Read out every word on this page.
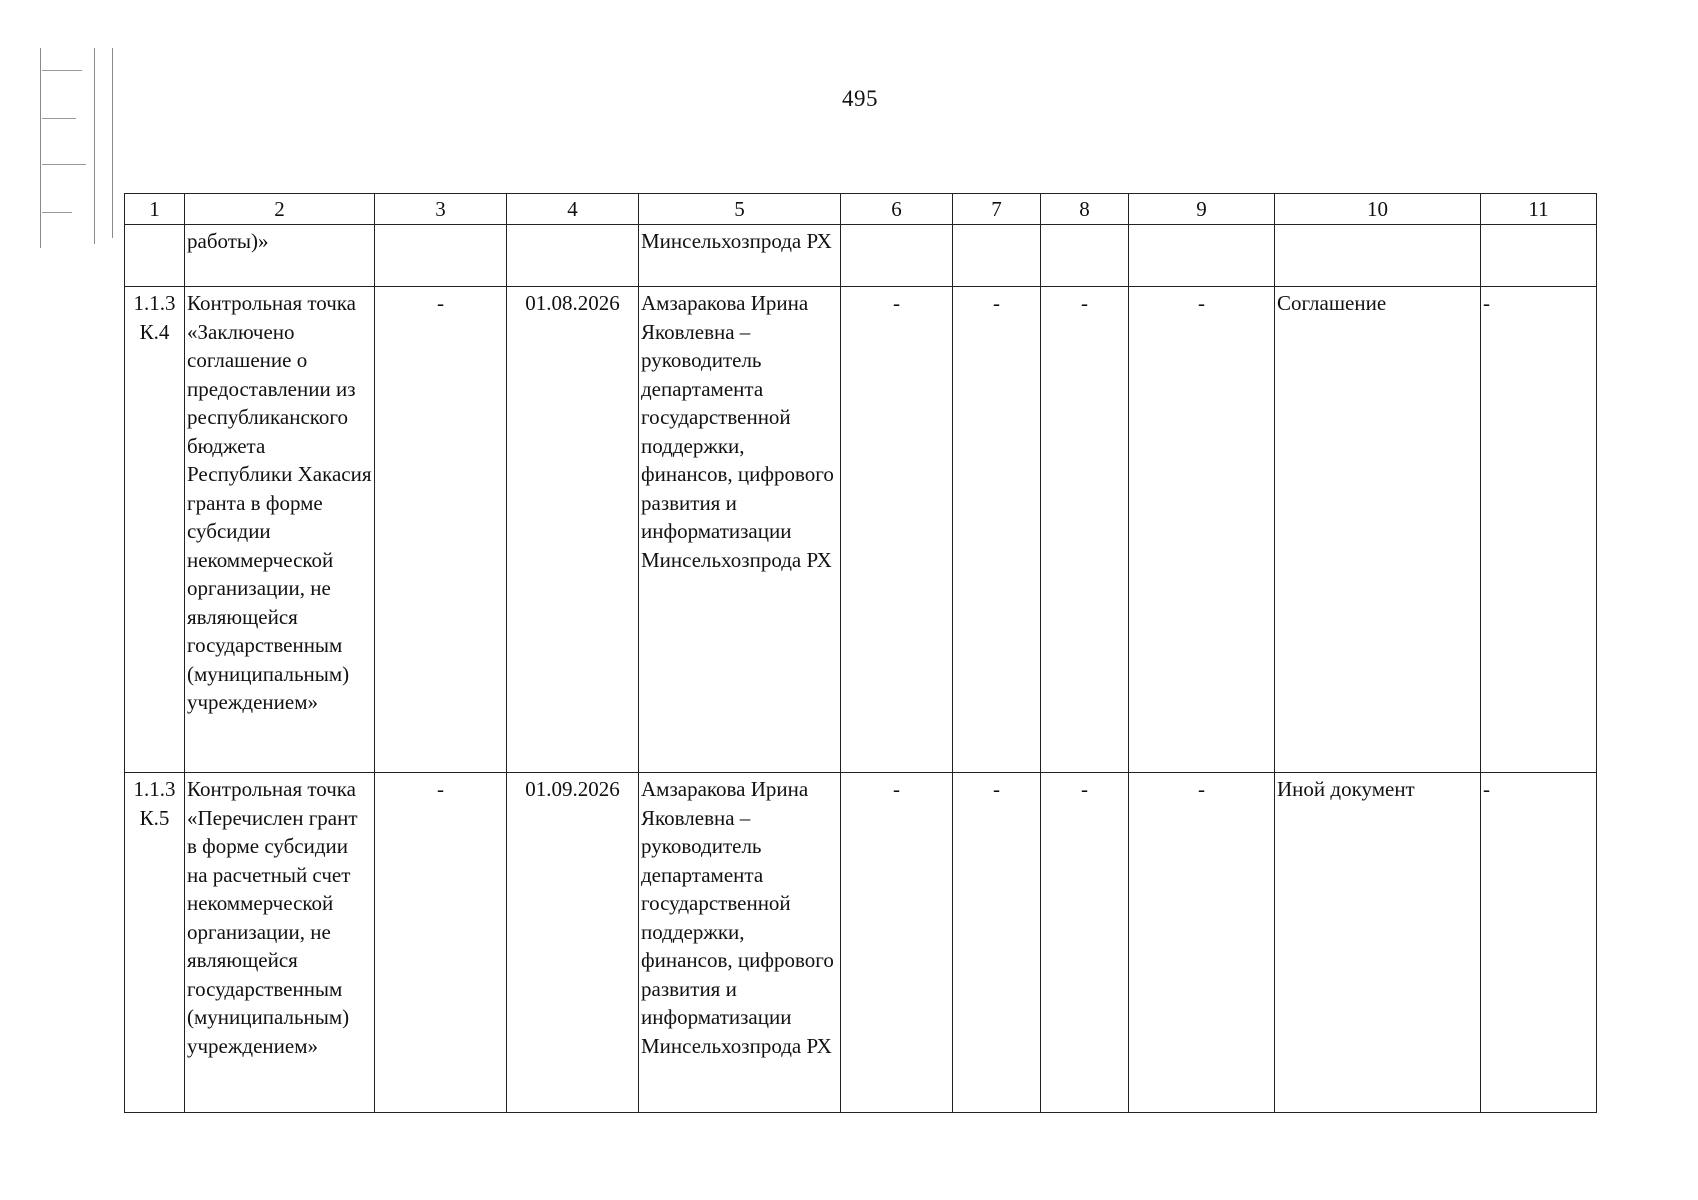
495
1	2	3	4	5	6	7	8	9	10	11
	работы)»			Минсельхозпрода РХ						
1.1.3 К.4	Контрольная точка «Заключено соглашение о предоставлении из республиканского бюджета Республики Хакасия гранта в форме субсидии некоммерческой организации, не являющейся государственным (муниципальным) учреждением»	-	01.08.2026	Амзаракова Ирина Яковлевна – руководитель департамента государственной поддержки, финансов, цифрового развития и информатизации Минсельхозпрода РХ	-	-	-	-	Соглашение	-
1.1.3 К.5	Контрольная точка «Перечислен грант в форме субсидии на расчетный счет некоммерческой организации, не являющейся государственным (муниципальным) учреждением»	-	01.09.2026	Амзаракова Ирина Яковлевна – руководитель департамента государственной поддержки, финансов, цифрового развития и информатизации Минсельхозпрода РХ	-	-	-	-	Иной документ	-
